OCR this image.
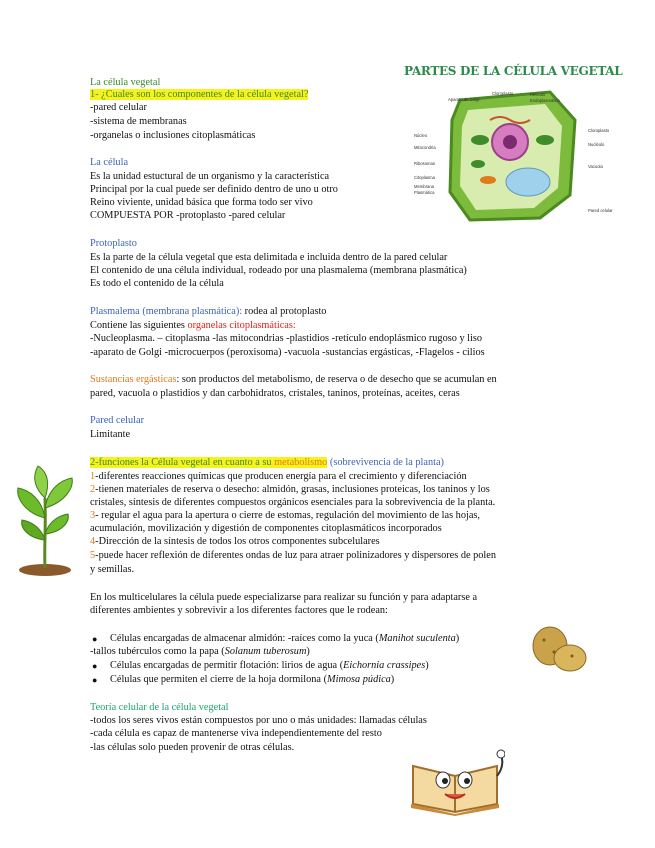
PARTES DE LA CÉLULA VEGETAL
Aparato de Golgi
Cloroplasto
Núcleo
Mitocondria
Ribosomas
Citoplasma
Membrana Plasmática
Retículo Endoplasmático
Cloroplasto
Nucléolo
Vacuola
Pared celular
La célula vegetal
1- ¿Cuales son los componentes de la célula vegetal?
-pared celular
-sistema de membranas
-organelas o inclusiones citoplasmáticas
La célula
Es la unidad estuctural de un organismo y la característica
Principal por la cual puede ser definido dentro de uno u otro
Reino viviente, unidad básica que forma todo ser vivo
COMPUESTA POR -protoplasto -pared celular
Protoplasto
Es la parte de la célula vegetal que esta delimitada e incluida dentro de la pared celular
El contenido de una célula individual, rodeado por una plasmalema (membrana plasmática)
Es todo el contenido de la célula
Plasmalema (membrana plasmática): rodea al protoplasto
Contiene las siguientes organelas citoplasmáticas:
-Nucleoplasma. – citoplasma -las mitocondrias -plastidios -retículo endoplásmico rugoso y liso
-aparato de Golgi -microcuerpos (peroxisoma) -vacuola -sustancias ergásticas, -Flagelos - cilios
Sustancias ergásticas: son productos del metabolismo, de reserva o de desecho que se acumulan en
pared, vacuola o plastidios y dan carbohidratos, cristales, taninos, proteínas, aceites, ceras
Pared celular
Limitante
2-funciones la Célula vegetal en cuanto a su metabolismo (sobrevivencia de la planta)
1-diferentes reacciones químicas que producen energía para el crecimiento y diferenciación
2-tienen materiales de reserva o desecho: almidón, grasas, inclusiones proteicas, los taninos y los
cristales, síntesis de diferentes compuestos orgánicos esenciales para la sobrevivencia de la planta.
3- regular el agua para la apertura o cierre de estomas, regulación del movimiento de las hojas,
acumulación, movilización y digestión de componentes citoplasmáticos incorporados
4-Dirección de la síntesis de todos los otros componentes subcelulares
5-puede hacer reflexión de diferentes ondas de luz para atraer polinizadores y dispersores de polen
y semillas.
En los multicelulares la célula puede especializarse para realizar su función y para adaptarse a
diferentes ambientes y sobrevivir a los diferentes factores que le rodean:
● Células encargadas de almacenar almidón: -raíces como la yuca (Manihot suculenta)
-tallos tubérculos como la papa (Solanum tuberosum)
● Células encargadas de permitir flotación: lirios de agua (Eichornia crassipes)
● Células que permiten el cierre de la hoja dormilona (Mimosa púdica)
Teoría celular de la célula vegetal
-todos los seres vivos están compuestos por uno o más unidades: llamadas células
-cada célula es capaz de mantenerse viva independientemente del resto
-las células solo pueden provenir de otras células.
